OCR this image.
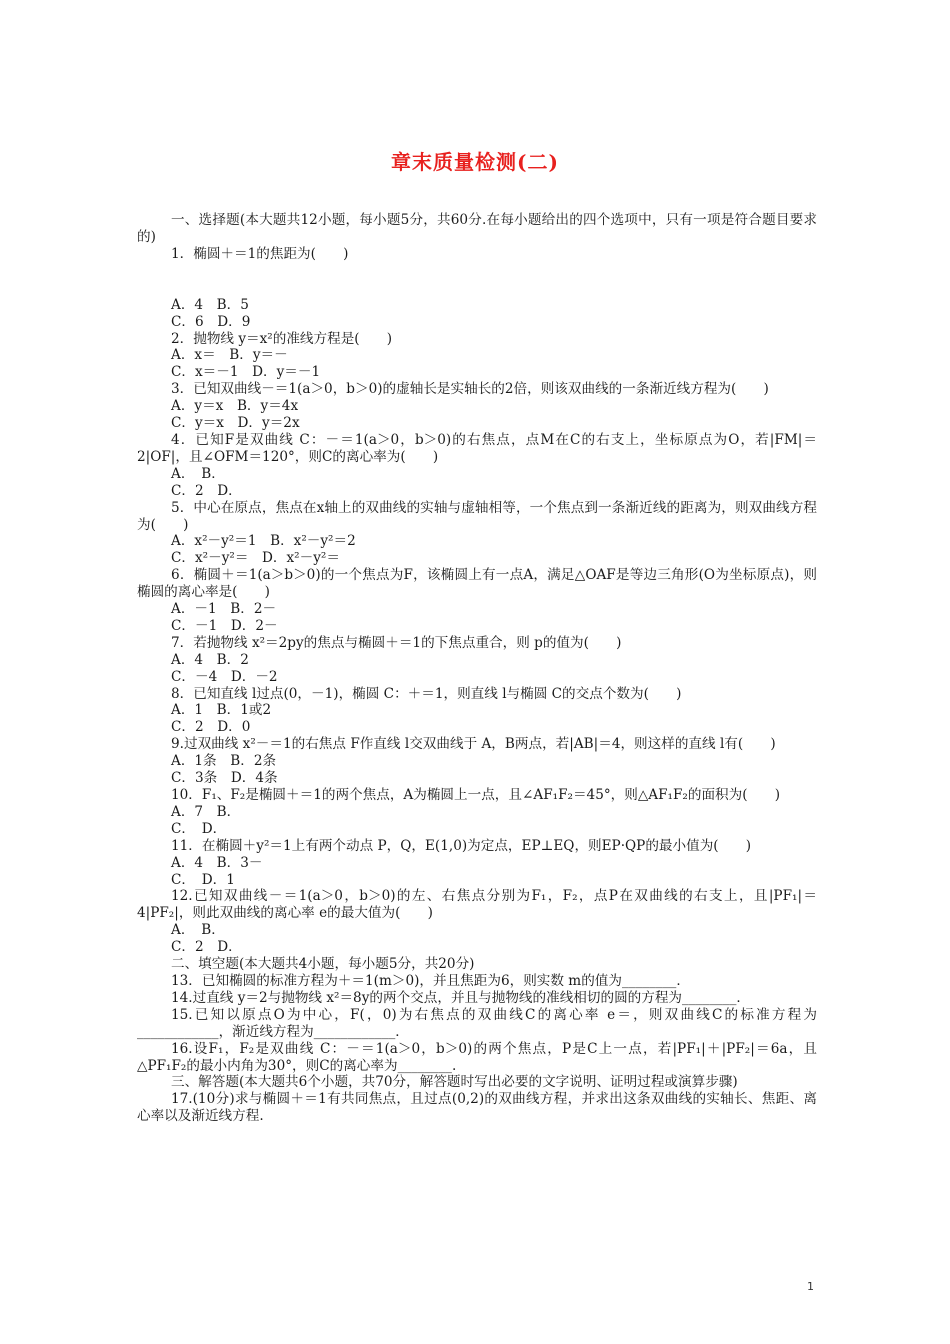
章末质量检测(二)
一、选择题(本大题共12小题，每小题5分，共60分.在每小题给出的四个选项中，只有一项是符合题目要求的)
1．椭圆＋＝1的焦距为(　　)
A．4　B．5
C．6　D．9
2．抛物线 y＝x²的准线方程是(　　)
A．x＝　B．y＝－
C．x＝－1　D．y＝－1
3．已知双曲线－＝1(a＞0，b＞0)的虚轴长是实轴长的2倍，则该双曲线的一条渐近线方程为(　　)
A．y＝x　B．y＝4x
C．y＝x　D．y＝2x
4．已知F是双曲线 C：－＝1(a＞0，b＞0)的右焦点，点M在C的右支上，坐标原点为O，若|FM|＝2|OF|，且∠OFM＝120°，则C的离心率为(　　)
A．　B．
C．2　D．
5．中心在原点，焦点在x轴上的双曲线的实轴与虚轴相等，一个焦点到一条渐近线的距离为，则双曲线方程为(　　)
A．x²－y²＝1　B．x²－y²＝2
C．x²－y²＝　D．x²－y²＝
6．椭圆＋＝1(a＞b＞0)的一个焦点为F，该椭圆上有一点A，满足△OAF是等边三角形(O为坐标原点)，则椭圆的离心率是(　　)
A．－1　B．2－
C．－1　D．2－
7．若抛物线 x²＝2py的焦点与椭圆＋＝1的下焦点重合，则 p的值为(　　)
A．4　B．2
C．－4　D．－2
8．已知直线 l过点(0，－1)，椭圆 C：＋＝1，则直线 l与椭圆 C的交点个数为(　　)
A．1　B．1或2
C．2　D．0
9.过双曲线 x²－＝1的右焦点 F作直线 l交双曲线于 A，B两点，若|AB|＝4，则这样的直线 l有(　　)
A．1条　B．2条
C．3条　D．4条
10．F₁、F₂是椭圆＋＝1的两个焦点，A为椭圆上一点，且∠AF₁F₂＝45°，则△AF₁F₂的面积为(　　)
A．7　B．
C．　D．
11．在椭圆＋y²＝1上有两个动点 P，Q，E(1,0)为定点，EP⊥EQ，则EP·QP的最小值为(　　)
A．4　B．3－
C．　D．1
12.已知双曲线－＝1(a＞0，b＞0)的左、右焦点分别为F₁，F₂，点P在双曲线的右支上，且|PF₁|＝4|PF₂|，则此双曲线的离心率 e的最大值为(　　)
A．　B．
C．2　D．
二、填空题(本大题共4小题，每小题5分，共20分)
13．已知椭圆的标准方程为＋＝1(m＞0)，并且焦距为6，则实数 m的值为________．
14.过直线 y＝2与抛物线 x²＝8y的两个交点，并且与抛物线的准线相切的圆的方程为________．
15.已知以原点O为中心，F(，0)为右焦点的双曲线C的离心率 e＝，则双曲线C的标准方程为____________，渐近线方程为____________．
16.设F₁，F₂是双曲线 C：－＝1(a＞0，b＞0)的两个焦点，P是C上一点，若|PF₁|＋|PF₂|＝6a，且△PF₁F₂的最小内角为30°，则C的离心率为________.
三、解答题(本大题共6个小题，共70分，解答题时写出必要的文字说明、证明过程或演算步骤)
17.(10分)求与椭圆＋＝1有共同焦点，且过点(0,2)的双曲线方程，并求出这条双曲线的实轴长、焦距、离心率以及渐近线方程.
1
